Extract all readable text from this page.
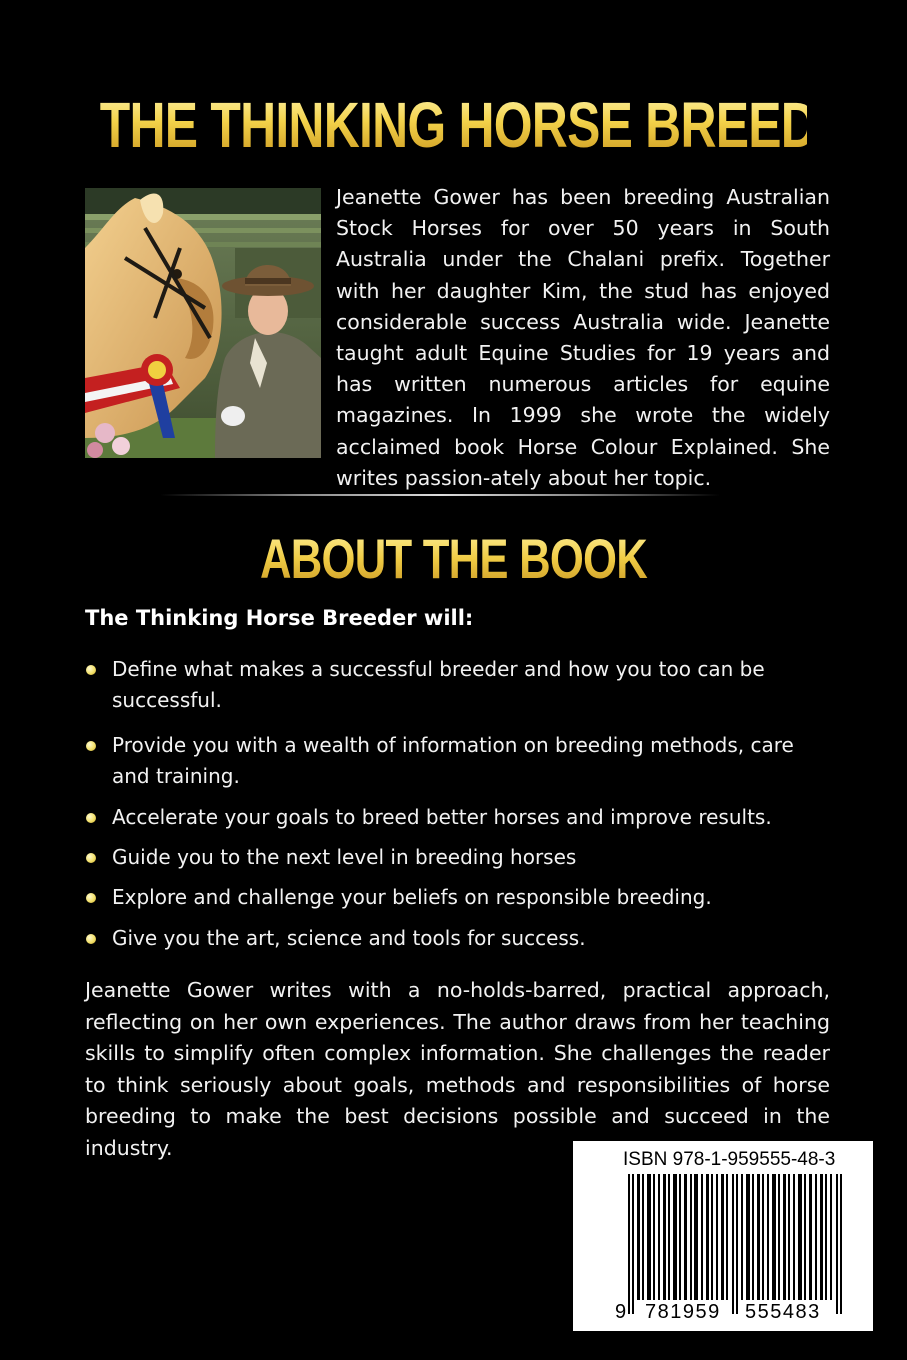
THE THINKING HORSE BREEDER

Jeanette Gower has been breeding Australian Stock Horses for over 50 years in South Australia under the Chalani prefix. Together with her daughter Kim, the stud has enjoyed considerable success Australia wide. Jeanette taught adult Equine Studies for 19 years and has written numerous articles for equine magazines. In 1999 she wrote the widely acclaimed book Horse Colour Explained. She writes passion-ately about her topic.

ABOUT THE BOOK

The Thinking Horse Breeder will:

Define what makes a successful breeder and how you too can be successful.
Provide you with a wealth of information on breeding methods, care and training.
Accelerate your goals to breed better horses and improve results.
Guide you to the next level in breeding horses
Explore and challenge your beliefs on responsible breeding.
Give you the art, science and tools for success.

Jeanette Gower writes with a no-holds-barred, practical approach, reflecting on her own experiences. The author draws from her teaching skills to simplify often complex information. She challenges the reader to think seriously about goals, methods and responsibilities of horse breeding to make the best decisions possible and succeed in the industry.	ISBN 978-1-959555-48-3
9 781959 555483
